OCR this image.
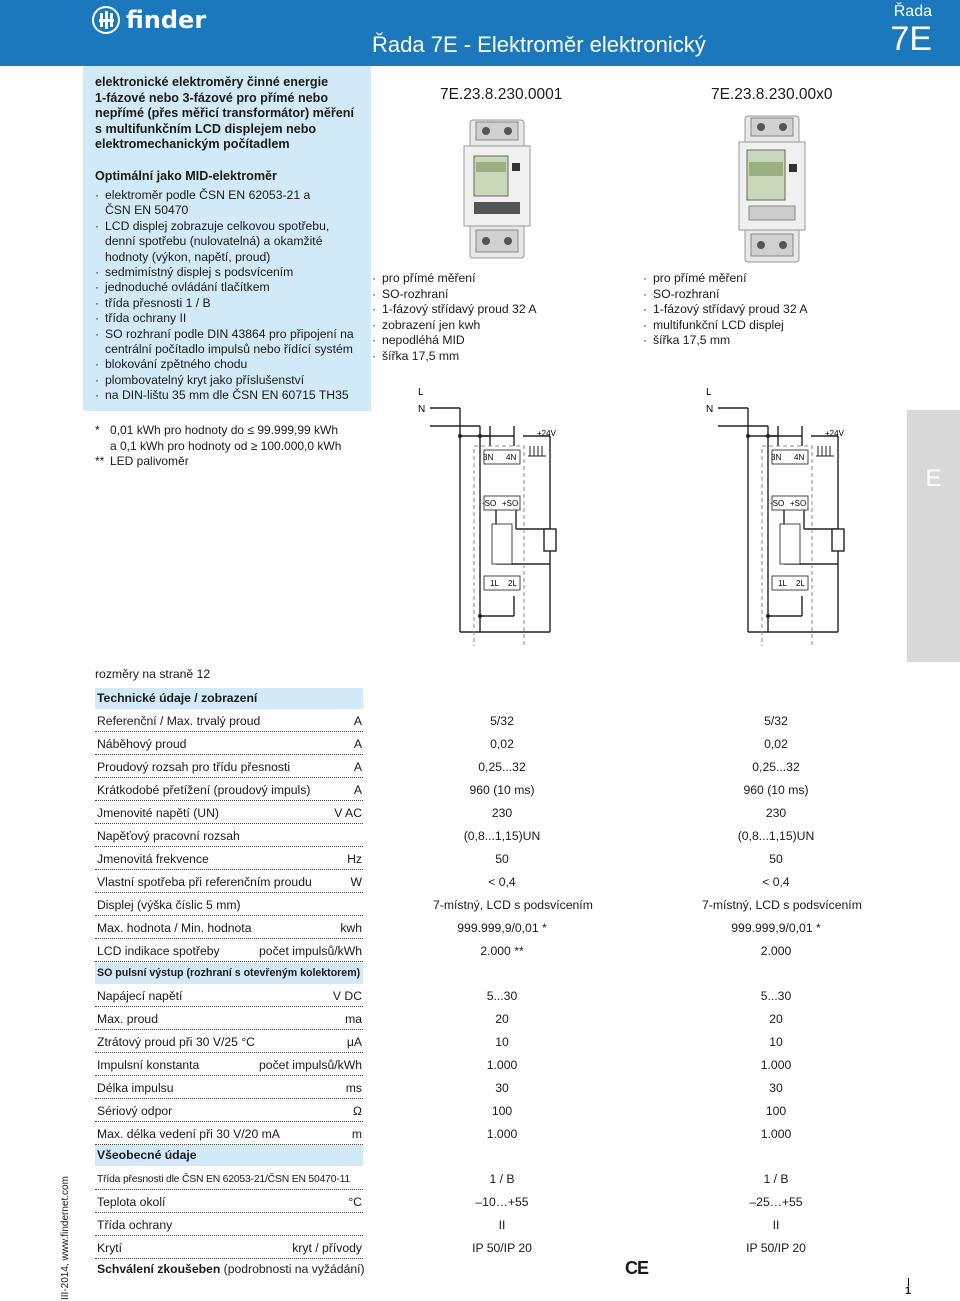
finder
Řada 7E - Elektroměr elektronický
Řada
7E
elektronické elektroměry činné energie
1-fázové nebo 3-fázové pro přímé nebo
nepřímé (přes měřicí transformátor) měření
s multifunkčním LCD displejem nebo
elektromechanickým počítadlem
Optimální jako MID-elektroměr
· elektroměr podle ČSN EN 62053-21 a
ČSN EN 50470
· LCD displej zobrazuje celkovou spotřebu,
denní spotřebu (nulovatelná) a okamžité
hodnoty (výkon, napětí, proud)
· sedmimístný displej s podsvícením
· jednoduché ovládání tlačítkem
· třída přesnosti 1 / B
· třída ochrany II
· SO rozhraní podle DIN 43864 pro připojení na
centrální počítadlo impulsů nebo řídící systém
· blokování zpětného chodu
· plombovatelný kryt jako příslušenství
· na DIN-lištu 35 mm dle ČSN EN 60715 TH35
* 0,01 kWh pro hodnoty do ≤ 99.999,99 kWh
a 0,1 kWh pro hodnoty od ≥ 100.000,0 kWh
** LED palivoměr
7E.23.8.230.0001
· pro přímé měření
· SO-rozhraní
· 1-fázový střídavý proud 32 A
· zobrazení jen kwh
· nepodléhá MID
· šířka 17,5 mm
7E.23.8.230.00x0
· pro přímé měření
· SO-rozhraní
· 1-fázový střídavý proud 32 A
· multifunkční LCD displej
· šířka 17,5 mm
L
N
+24V
3N 4N
-SO +SO
1L 2L
L
N
+24V
3N 4N
-SO +SO
1L 2L
E
rozměry na straně 12
Technické údaje / zobrazení
Referenční / Max. trvalý proud	A	5/32	5/32
Náběhový proud	A	0,02	0,02
Proudový rozsah pro třídu přesnosti	A	0,25...32	0,25...32
Krátkodobé přetížení (proudový impuls)	A	960 (10 ms)	960 (10 ms)
Jmenovité napětí (UN)	V AC	230	230
Napěťový pracovní rozsah	(0,8...1,15)UN	(0,8...1,15)UN
Jmenovitá frekvence	Hz	50	50
Vlastní spotřeba při referenčním proudu	W	< 0,4	< 0,4
Displej (výška číslic 5 mm)	7-místný, LCD s podsvícením	7-místný, LCD s podsvícením
Max. hodnota / Min. hodnota	kwh	999.999,9/0,01 *	999.999,9/0,01 *
LCD indikace spotřeby	počet impulsů/kWh	2.000 **	2.000
SO pulsní výstup (rozhraní s otevřeným kolektorem)
Napájecí napětí	V DC	5...30	5...30
Max. proud	ma	20	20
Ztrátový proud při 30 V/25 °C	μA	10	10
Impulsní konstanta	počet impulsů/kWh	1.000	1.000
Délka impulsu	ms	30	30
Sériový odpor	Ω	100	100
Max. délka vedení při 30 V/20 mA	m	1.000	1.000
Všeobecné údaje
Třída přesnosti dle ČSN EN 62053-21/ČSN EN 50470-11	1 / B	1 / B
Teplota okolí	°C	–10…+55	–25…+55
Třída ochrany	II	II
Krytí	kryt / přívody	IP 50/IP 20	IP 50/IP 20
Schválení zkoušeben (podrobnosti na vyžádání)	CE
III-2014, www.findernet.com	1
